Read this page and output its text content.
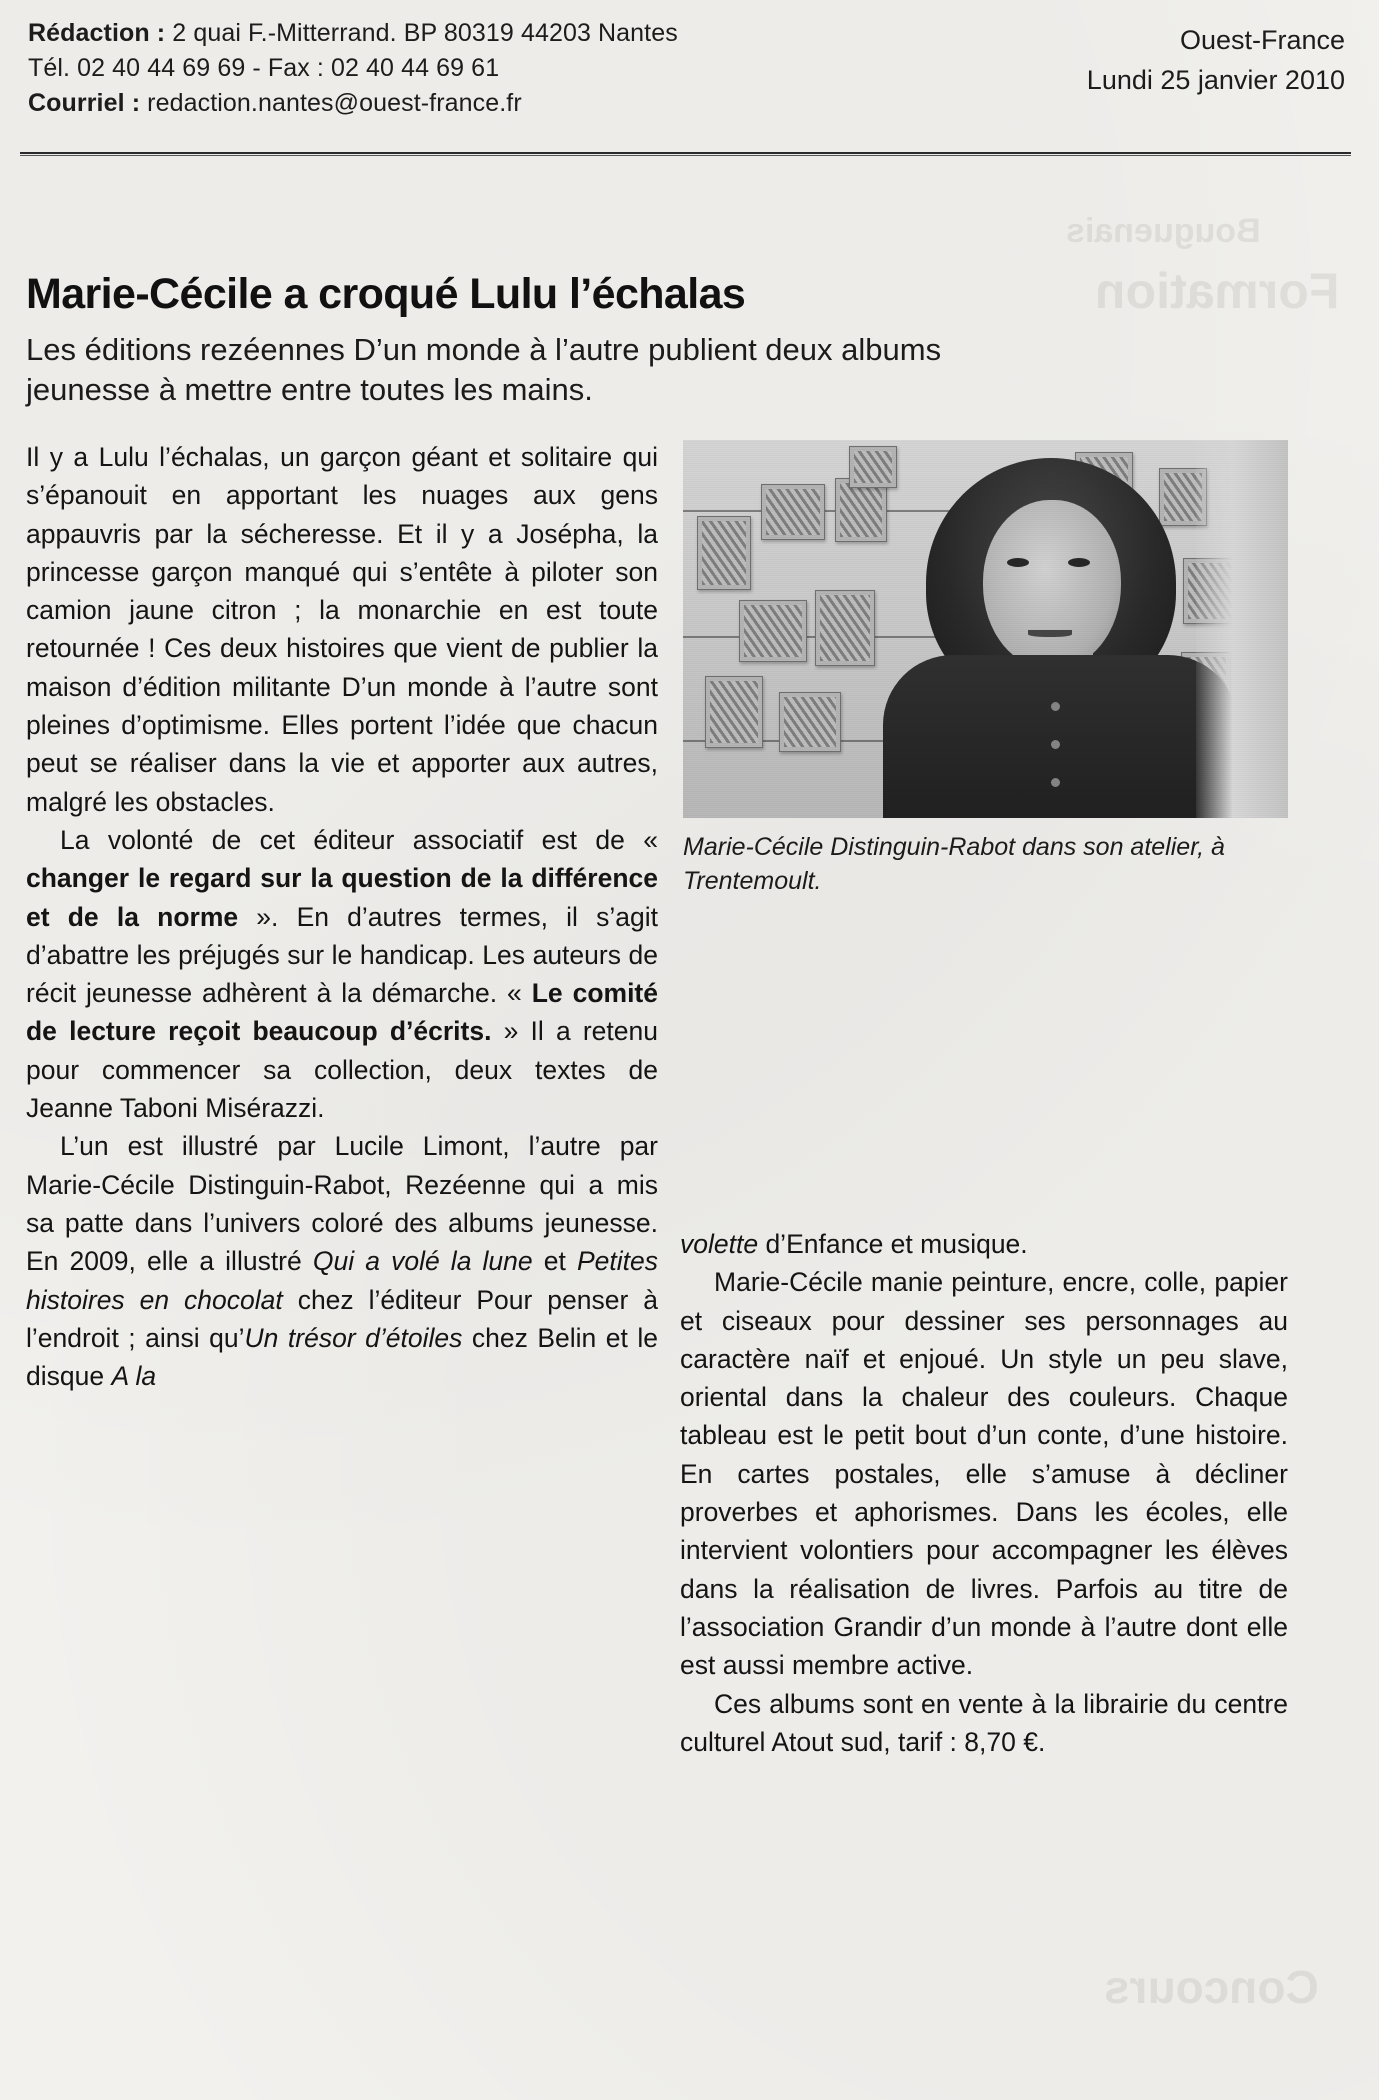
Rédaction : 2 quai F.-Mitterrand. BP 80319 44203 Nantes
Tél. 02 40 44 69 69 - Fax : 02 40 44 69 61
Courriel : redaction.nantes@ouest-france.fr
Ouest-France
Lundi 25 janvier 2010
Bouguenais
Formation
Concours
Marie-Cécile a croqué Lulu l’échalas
Les éditions rezéennes D’un monde à l’autre publient deux albums jeunesse à mettre entre toutes les mains.
Marie-Cécile Distinguin-Rabot dans son atelier, à Trentemoult.

Il y a Lulu l’échalas, un garçon géant et solitaire qui s’épanouit en apportant les nuages aux gens appauvris par la sécheresse. Et il y a Josépha, la princesse garçon manqué qui s’entête à piloter son camion jaune citron ; la monarchie en est toute retournée ! Ces deux histoires que vient de publier la maison d’édition militante D’un monde à l’autre sont pleines d’optimisme. Elles portent l’idée que chacun peut se réaliser dans la vie et apporter aux autres, malgré les obstacles.

La volonté de cet éditeur associatif est de « changer le regard sur la question de la différence et de la norme ». En d’autres termes, il s’agit d’abattre les préjugés sur le handicap. Les auteurs de récit jeunesse adhèrent à la démarche. « Le comité de lecture reçoit beaucoup d’écrits. » Il a retenu pour commencer sa collection, deux textes de Jeanne Taboni Misérazzi.

L’un est illustré par Lucile Limont, l’autre par Marie-Cécile Distinguin-Rabot, Rezéenne qui a mis sa patte dans l’univers coloré des albums jeunesse. En 2009, elle a illustré Qui a volé la lune et Petites histoires en chocolat chez l’éditeur Pour penser à l’endroit ; ainsi qu’Un trésor d’étoiles chez Belin et le disque A la

volette d’Enfance et musique.

Marie-Cécile manie peinture, encre, colle, papier et ciseaux pour dessiner ses personnages au caractère naïf et enjoué. Un style un peu slave, oriental dans la chaleur des couleurs. Chaque tableau est le petit bout d’un conte, d’une histoire. En cartes postales, elle s’amuse à décliner proverbes et aphorismes. Dans les écoles, elle intervient volontiers pour accompagner les élèves dans la réalisation de livres. Parfois au titre de l’association Grandir d’un monde à l’autre dont elle est aussi membre active.

Ces albums sont en vente à la librairie du centre culturel Atout sud, tarif : 8,70 €.
